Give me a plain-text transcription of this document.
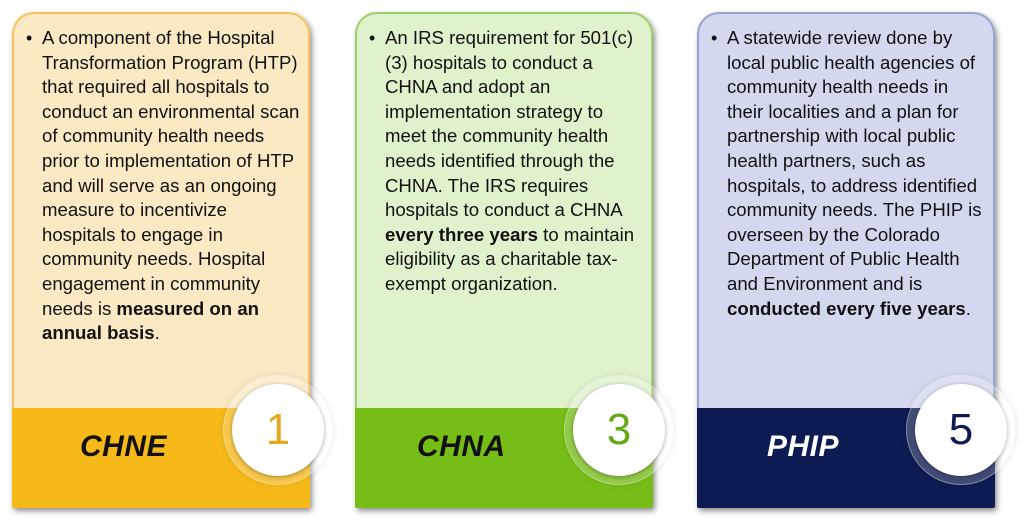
• A component of the Hospital Transformation Program (HTP) that required all hospitals to conduct an environmental scan of community health needs prior to implementation of HTP and will serve as an ongoing measure to incentivize hospitals to engage in community needs. Hospital engagement in community needs is measured on an annual basis.
CHNE 1
• An IRS requirement for 501(c)(3) hospitals to conduct a CHNA and adopt an implementation strategy to meet the community health needs identified through the CHNA. The IRS requires hospitals to conduct a CHNA every three years to maintain eligibility as a charitable tax-exempt organization.
CHNA 3
• A statewide review done by local public health agencies of community health needs in their localities and a plan for partnership with local public health partners, such as hospitals, to address identified community needs. The PHIP is overseen by the Colorado Department of Public Health and Environment and is conducted every five years.
PHIP 5
